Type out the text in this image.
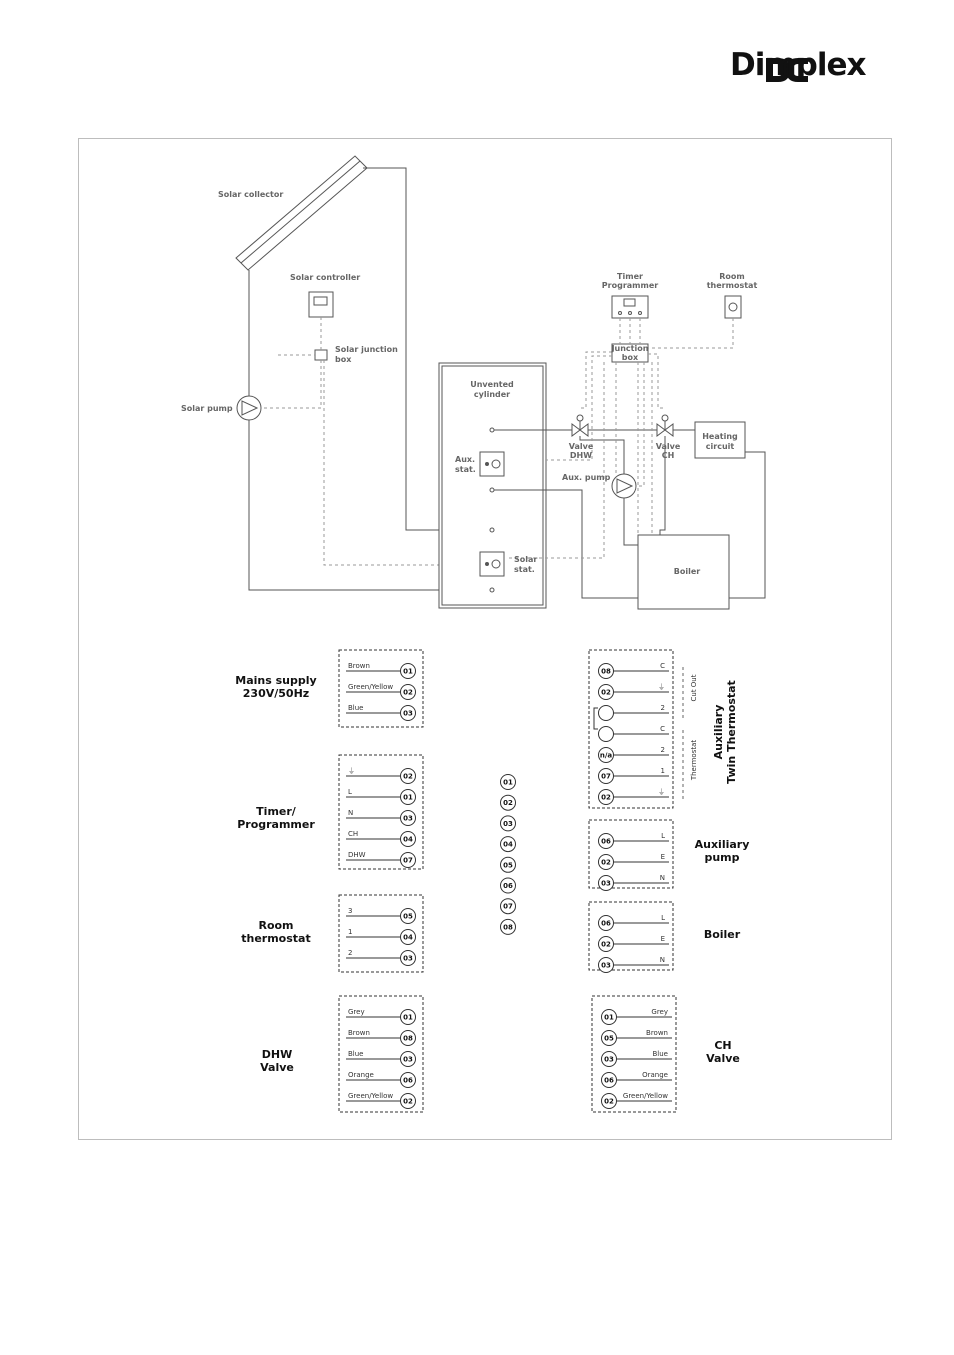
Dimplex
Solar collector
Solar controller
Solar junction
box
Solar pump
Unvented
cylinder
Aux.
stat.
Solar
stat.
Timer
Programmer
Room
thermostat
Junction
box
Valve
DHW
Valve
CH
Heating
circuit
Aux. pump
Boiler
Brown
01
Green/Yellow
02
Blue
03
Mains supply
230V/50Hz
⏚
02
L
01
N
03
CH
04
DHW
07
Timer/
Programmer
3
05
1
04
2
03
Room
thermostat
Grey
01
Brown
08
Blue
03
Orange
06
Green/Yellow
02
DHW
Valve
C
08
⏚
02
2
C
2
n/a
1
07
⏚
02
AuxiliaryTwin Thermostat
Cut Out
Thermostat
L
06
E
02
N
03
Auxiliary
pump
L
06
E
02
N
03
Boiler
Grey
01
Brown
05
Blue
03
Orange
06
Green/Yellow
02
CH
Valve
01
02
03
04
05
06
07
08
